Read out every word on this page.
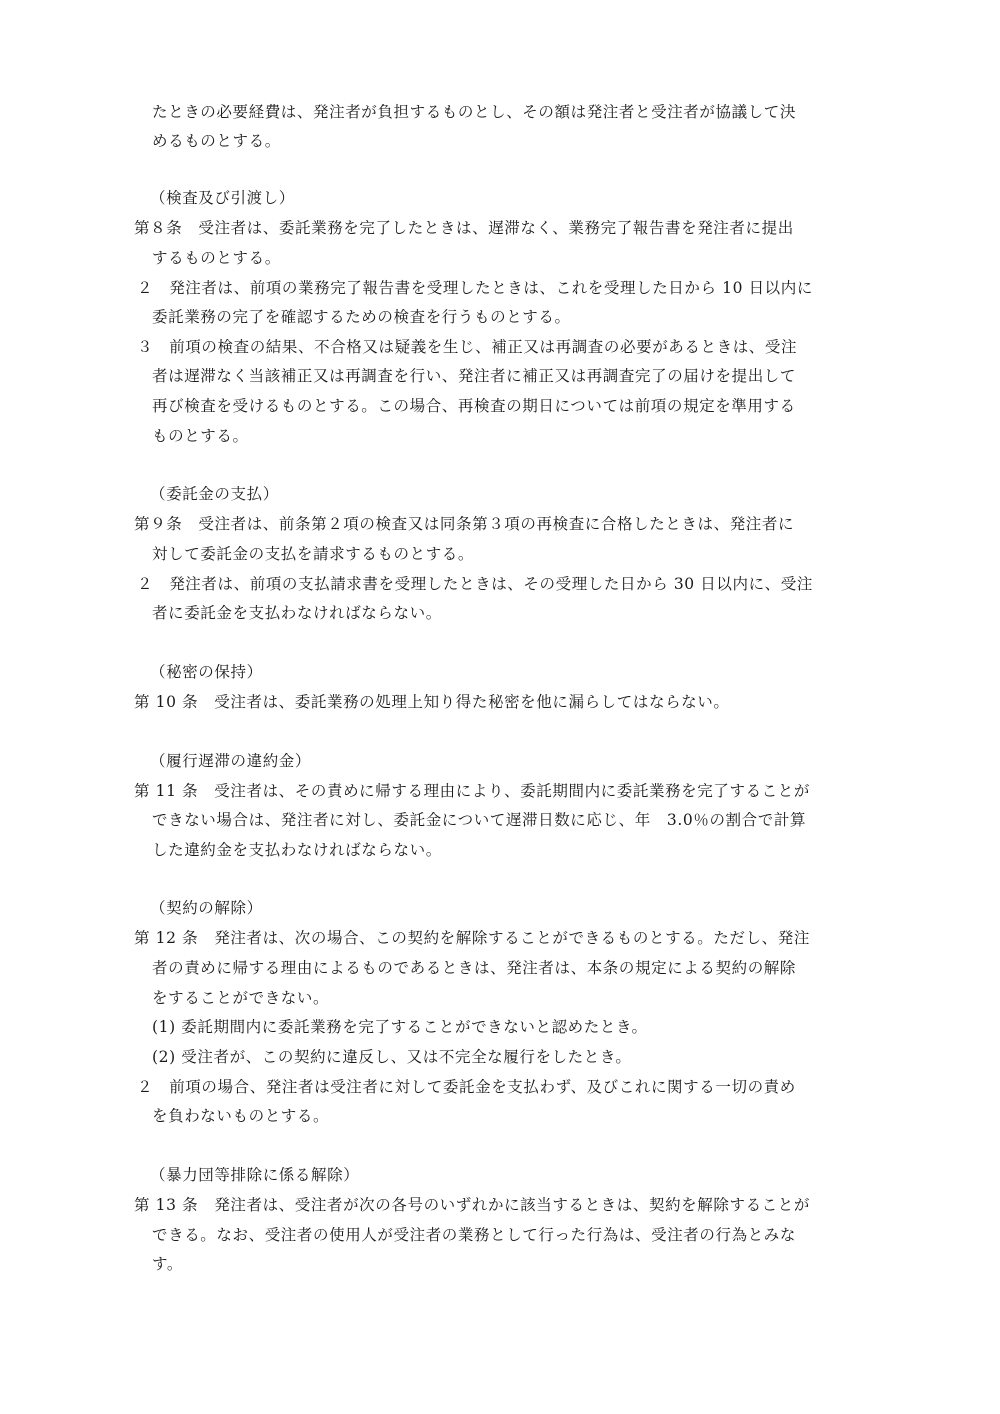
たときの必要経費は、発注者が負担するものとし、その額は発注者と受注者が協議して決
めるものとする。
（検査及び引渡し）
第８条　受注者は、委託業務を完了したときは、遅滞なく、業務完了報告書を発注者に提出
するものとする。
２　発注者は、前項の業務完了報告書を受理したときは、これを受理した日から 10 日以内に
委託業務の完了を確認するための検査を行うものとする。
３　前項の検査の結果、不合格又は疑義を生じ、補正又は再調査の必要があるときは、受注
者は遅滞なく当該補正又は再調査を行い、発注者に補正又は再調査完了の届けを提出して
再び検査を受けるものとする。この場合、再検査の期日については前項の規定を準用する
ものとする。
（委託金の支払）
第９条　受注者は、前条第２項の検査又は同条第３項の再検査に合格したときは、発注者に
対して委託金の支払を請求するものとする。
２　発注者は、前項の支払請求書を受理したときは、その受理した日から 30 日以内に、受注
者に委託金を支払わなければならない。
（秘密の保持）
第 10 条　受注者は、委託業務の処理上知り得た秘密を他に漏らしてはならない。
（履行遅滞の違約金）
第 11 条　受注者は、その責めに帰する理由により、委託期間内に委託業務を完了することが
できない場合は、発注者に対し、委託金について遅滞日数に応じ、年　3.0％の割合で計算
した違約金を支払わなければならない。
（契約の解除）
第 12 条　発注者は、次の場合、この契約を解除することができるものとする。ただし、発注
者の責めに帰する理由によるものであるときは、発注者は、本条の規定による契約の解除
をすることができない。
(1) 委託期間内に委託業務を完了することができないと認めたとき。
(2) 受注者が、この契約に違反し、又は不完全な履行をしたとき。
２　前項の場合、発注者は受注者に対して委託金を支払わず、及びこれに関する一切の責め
を負わないものとする。
（暴力団等排除に係る解除）
第 13 条　発注者は、受注者が次の各号のいずれかに該当するときは、契約を解除することが
できる。なお、受注者の使用人が受注者の業務として行った行為は、受注者の行為とみな
す。
